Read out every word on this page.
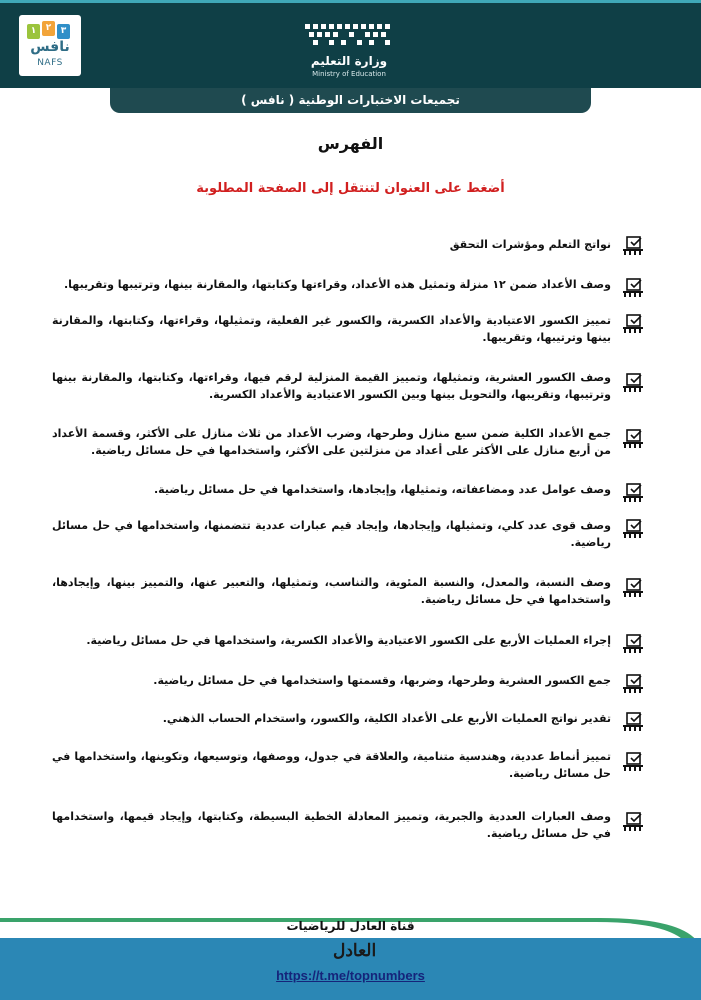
١	٢	٣
نافس
NAFS	وزارة التعليم
Ministry of Education
تجميعات الاختبارات الوطنية ( نافس )
الفهرس
أضغط على العنوان لتنتقل إلى الصفحة المطلوبة
نواتج التعلم ومؤشرات التحقق
وصف الأعداد ضمن ١٢ منزلة وتمثيل هذه الأعداد، وقراءتها وكتابتها، والمقارنة بينها، وترتيبها وتقريبها.
تمييز الكسور الاعتيادية والأعداد الكسرية، والكسور غير الفعلية، وتمثيلها، وقراءتها، وكتابتها، والمقارنة بينها وترتيبها، وتقريبها.
وصف الكسور العشرية، وتمثيلها، وتمييز القيمة المنزلية لرقم فيها، وقراءتها، وكتابتها، والمقارنة بينها وترتيبها، وتقريبها، والتحويل بينها وبين الكسور الاعتيادية والأعداد الكسرية.
جمع الأعداد الكلية ضمن سبع منازل وطرحها، وضرب الأعداد من ثلاث منازل على الأكثر، وقسمة الأعداد من أربع منازل على الأكثر على أعداد من منزلتين على الأكثر، واستخدامها في حل مسائل رياضية.
وصف عوامل عدد ومضاعفاته، وتمثيلها، وإيجادها، واستخدامها في حل مسائل رياضية.
وصف قوى عدد كلي، وتمثيلها، وإيجادها، وإيجاد قيم عبارات عددية تتضمنها، واستخدامها في حل مسائل رياضية.
وصف النسبة، والمعدل، والنسبة المئوية، والتناسب، وتمثيلها، والتعبير عنها، والتمييز بينها، وإيجادها، واستخدامها في حل مسائل رياضية.
إجراء العمليات الأربع على الكسور الاعتيادية والأعداد الكسرية، واستخدامها في حل مسائل رياضية.
جمع الكسور العشرية وطرحها، وضربها، وقسمتها واستخدامها في حل مسائل رياضية.
تقدير نواتج العمليات الأربع على الأعداد الكلية، والكسور، واستخدام الحساب الذهني.
تمييز أنماط عددية، وهندسية متنامية، والعلاقة في جدول، ووصفها، وتوسيعها، وتكوينها، واستخدامها في حل مسائل رياضية.
وصف العبارات العددية والجبرية، وتمييز المعادلة الخطية البسيطة، وكتابتها، وإيجاد قيمها، واستخدامها في حل مسائل رياضية.
قناة العادل للرياضيات
العادل
https://t.me/topnumbers
